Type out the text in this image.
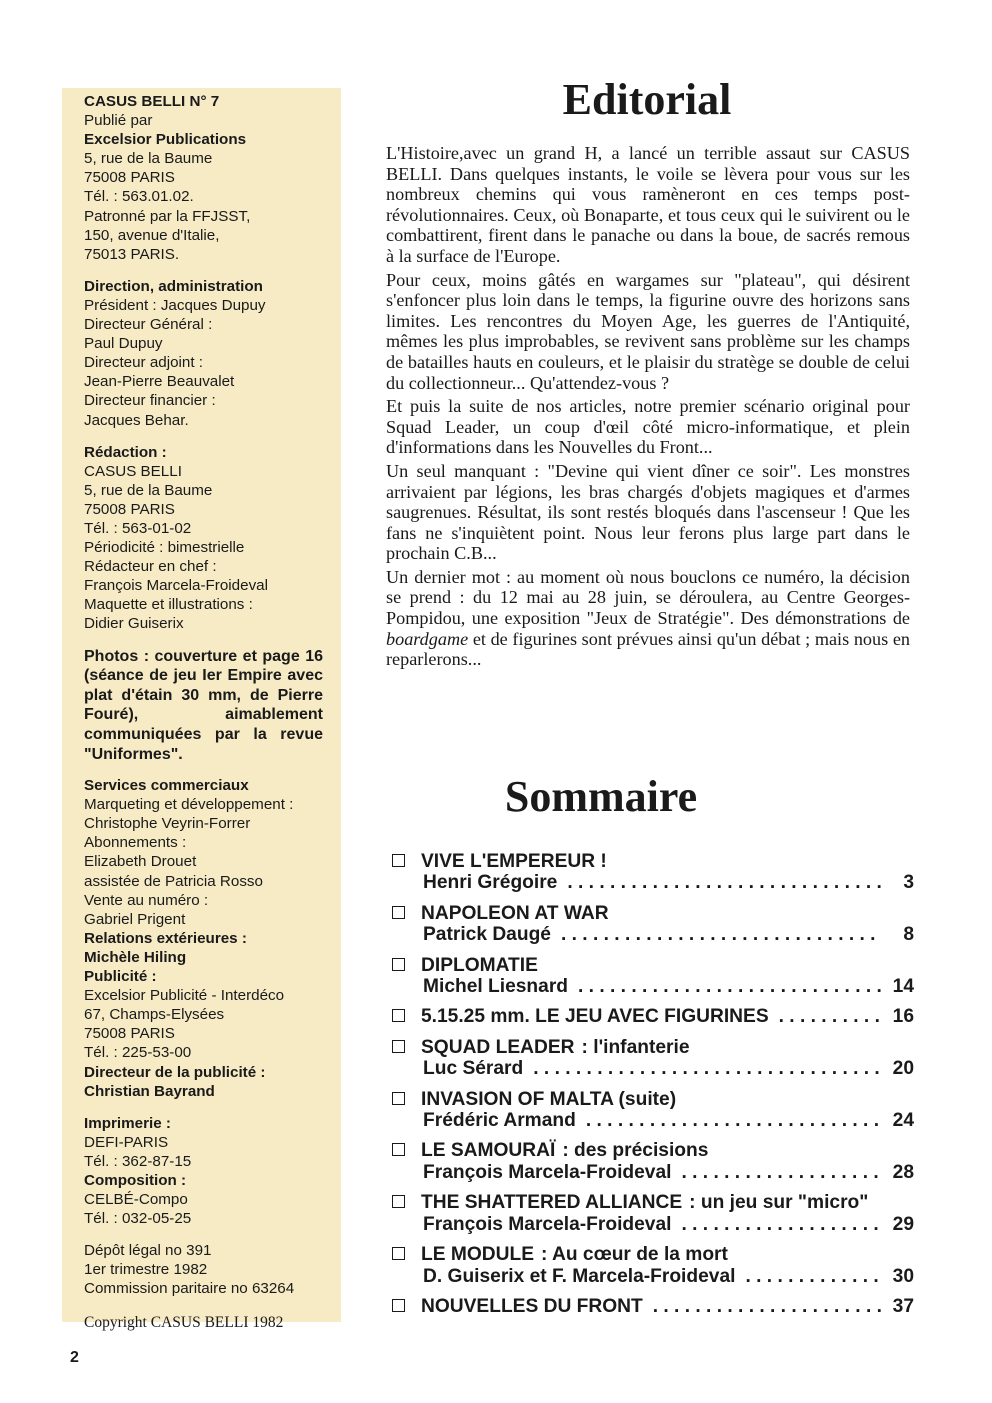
CASUS BELLI N° 7
Publié par
Excelsior Publications
5, rue de la Baume
75008 PARIS
Tél. : 563.01.02.
Patronné par la FFJSST,
150, avenue d'Italie,
75013 PARIS.
Direction, administration
Président : Jacques Dupuy
Directeur Général :
Paul Dupuy
Directeur adjoint :
Jean-Pierre Beauvalet
Directeur financier :
Jacques Behar.
Rédaction :
CASUS BELLI
5, rue de la Baume
75008 PARIS
Tél. : 563-01-02
Périodicité : bimestrielle
Rédacteur en chef :
François Marcela-Froideval
Maquette et illustrations :
Didier Guiserix
Photos : couverture et page 16 (séance de jeu Ier Empire avec plat d'étain 30 mm, de Pierre Fouré), aimablement communiquées par la revue "Uniformes".
Services commerciaux
Marqueting et développement :
Christophe Veyrin-Forrer
Abonnements :
Elizabeth Drouet
assistée de Patricia Rosso
Vente au numéro :
Gabriel Prigent
Relations extérieures :
Michèle Hiling
Publicité :
Excelsior Publicité - Interdéco
67, Champs-Elysées
75008 PARIS
Tél. : 225-53-00
Directeur de la publicité :
Christian Bayrand
Imprimerie :
DEFI-PARIS
Tél. : 362-87-15
Composition :
CELBÉ-Compo
Tél. : 032-05-25
Dépôt légal no 391
1er trimestre 1982
Commission paritaire no 63264
Copyright CASUS BELLI 1982
2
Editorial

L'Histoire,avec un grand H, a lancé un terrible assaut sur CASUS BELLI. Dans quelques instants, le voile se lèvera pour vous sur les nombreux chemins qui vous ramèneront en ces temps post-révolutionnaires. Ceux, où Bonaparte, et tous ceux qui le suivirent ou le combattirent, firent dans le panache ou dans la boue, de sacrés remous à la surface de l'Europe.

Pour ceux, moins gâtés en wargames sur "plateau", qui désirent s'enfoncer plus loin dans le temps, la figurine ouvre des horizons sans limites. Les rencontres du Moyen Age, les guerres de l'Antiquité, mêmes les plus improbables, se revivent sans problème sur les champs de batailles hauts en couleurs, et le plaisir du stratège se double de celui du collectionneur... Qu'attendez-vous ?

Et puis la suite de nos articles, notre premier scénario original pour Squad Leader, un coup d'œil côté micro-informatique, et plein d'informations dans les Nouvelles du Front...

Un seul manquant : "Devine qui vient dîner ce soir". Les monstres arrivaient par légions, les bras chargés d'objets magiques et d'armes saugrenues. Résultat, ils sont restés bloqués dans l'ascenseur ! Que les fans ne s'inquiètent point. Nous leur ferons plus large part dans le prochain C.B...

Un dernier mot : au moment où nous bouclons ce numéro, la décision se prend : du 12 mai au 28 juin, se déroulera, au Centre Georges-Pompidou, une exposition "Jeux de Stratégie". Des démonstrations de boardgame et de figurines sont prévues ainsi qu'un débat ; mais nous en reparlerons...

Sommaire
VIVE L'EMPEREUR !
Henri Grégoire . . .	3
NAPOLEON AT WAR
Patrick Daugé . . .	8
DIPLOMATIE
Michel Liesnard . . .	14
5.15.25 mm. LE JEU AVEC FIGURINES . . .	16
SQUAD LEADER : l'infanterie
Luc Sérard . . .	20
INVASION OF MALTA (suite)
Frédéric Armand . . .	24
LE SAMOURAÏ : des précisions
François Marcela-Froideval . . .	28
THE SHATTERED ALLIANCE : un jeu sur "micro"
François Marcela-Froideval . . .	29
LE MODULE : Au cœur de la mort
D. Guiserix et F. Marcela-Froideval . . .	30
NOUVELLES DU FRONT . . .	37
